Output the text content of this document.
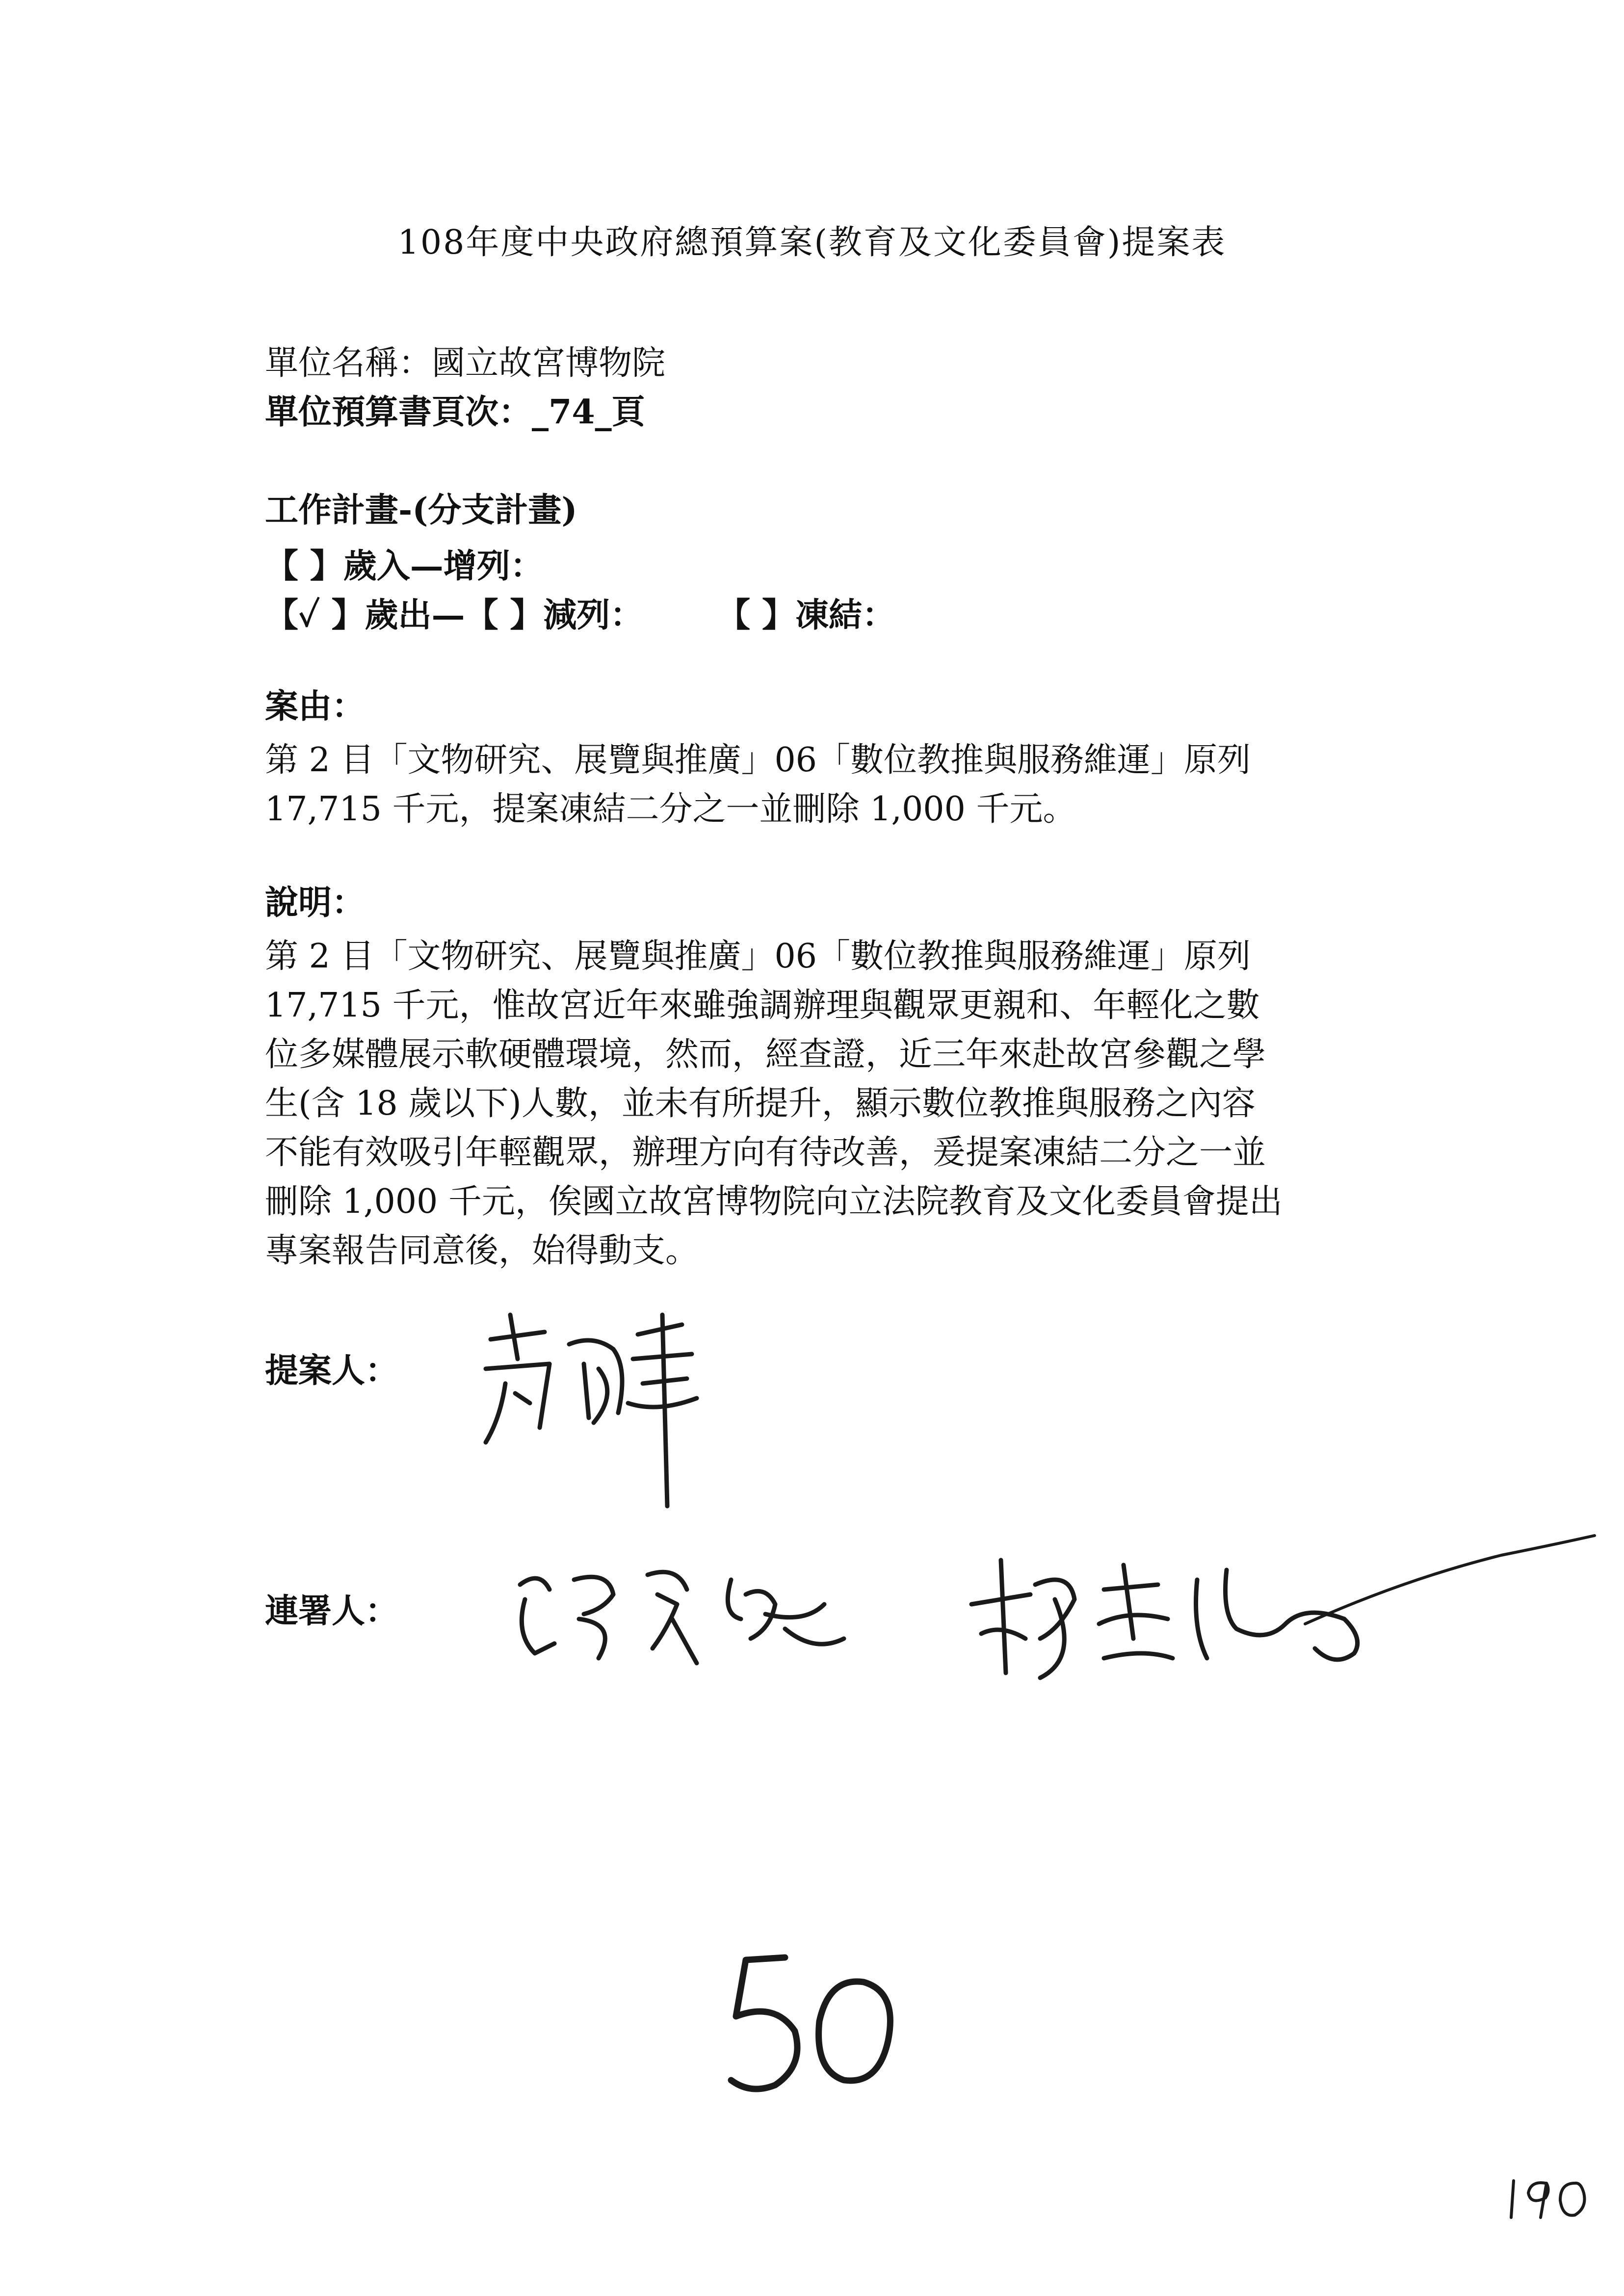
108年度中央政府總預算案(教育及文化委員會)提案表
單位名稱：國立故宮博物院
單位預算書頁次：_74_頁
工作計畫-(分支計畫)
【 】歲入—增列：
【✓ 】歲出—【 】減列： 【 】凍結：
案由：
第 2 目「文物研究、展覽與推廣」06「數位教推與服務維運」原列
17,715 千元，提案凍結二分之一並刪除 1,000 千元。
說明：
第 2 目「文物研究、展覽與推廣」06「數位教推與服務維運」原列
17,715 千元，惟故宮近年來雖強調辦理與觀眾更親和、年輕化之數
位多媒體展示軟硬體環境，然而，經查證，近三年來赴故宮參觀之學
生(含 18 歲以下)人數，並未有所提升，顯示數位教推與服務之內容
不能有效吸引年輕觀眾，辦理方向有待改善，爰提案凍結二分之一並
刪除 1,000 千元，俟國立故宮博物院向立法院教育及文化委員會提出
專案報告同意後，始得動支。
提案人：
連署人：
